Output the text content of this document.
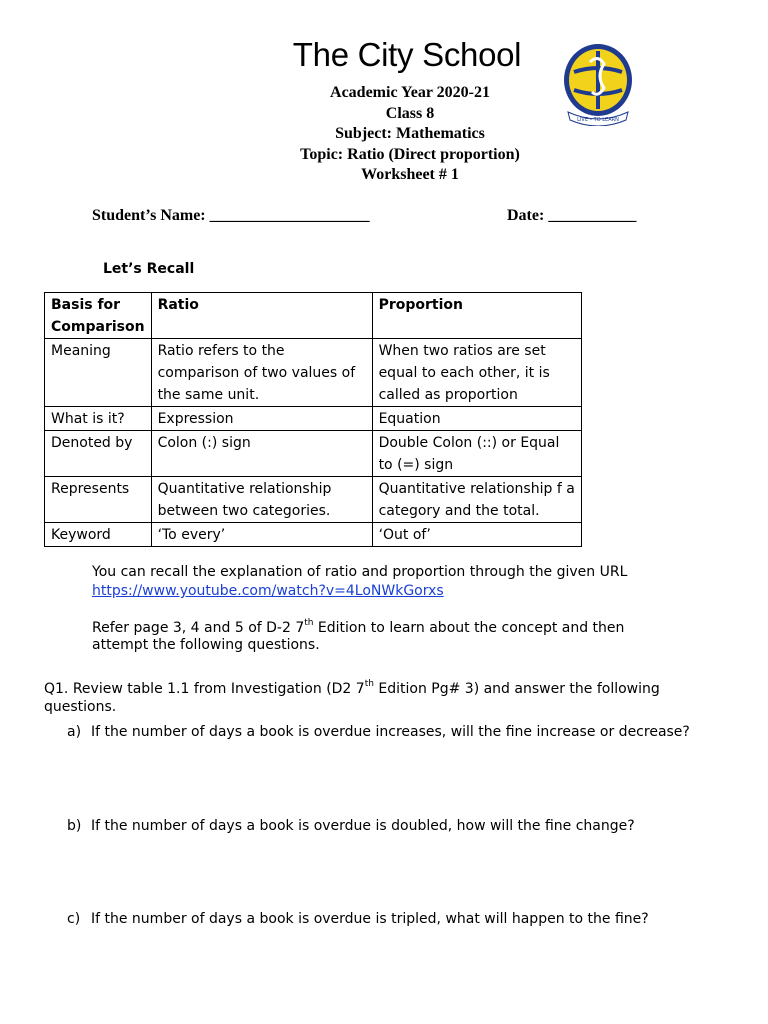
The City School
Academic Year 2020-21
Class 8
Subject: Mathematics
Topic: Ratio (Direct proportion)
Worksheet # 1
LIVE – TO LEARN
Student’s Name: ____________________	Date: ___________
Let’s Recall
Basis for Comparison	Ratio	Proportion
Meaning	Ratio refers to the comparison of two values of the same unit.	When two ratios are set equal to each other, it is called as proportion
What is it?	Expression	Equation
Denoted by	Colon (:) sign	Double Colon (::) or Equal to (=) sign
Represents	Quantitative relationship between two categories.	Quantitative relationship f a category and the total.
Keyword	‘To every’	‘Out of’
You can recall the explanation of ratio and proportion through the given URL
https://www.youtube.com/watch?v=4LoNWkGorxs
Refer page 3, 4 and 5 of D-2 7th Edition to learn about the concept and then
attempt the following questions.
Q1. Review table 1.1 from Investigation (D2 7th Edition Pg# 3) and answer the following
questions.
a) If the number of days a book is overdue increases, will the fine increase or decrease?
b) If the number of days a book is overdue is doubled, how will the fine change?
c) If the number of days a book is overdue is tripled, what will happen to the fine?
